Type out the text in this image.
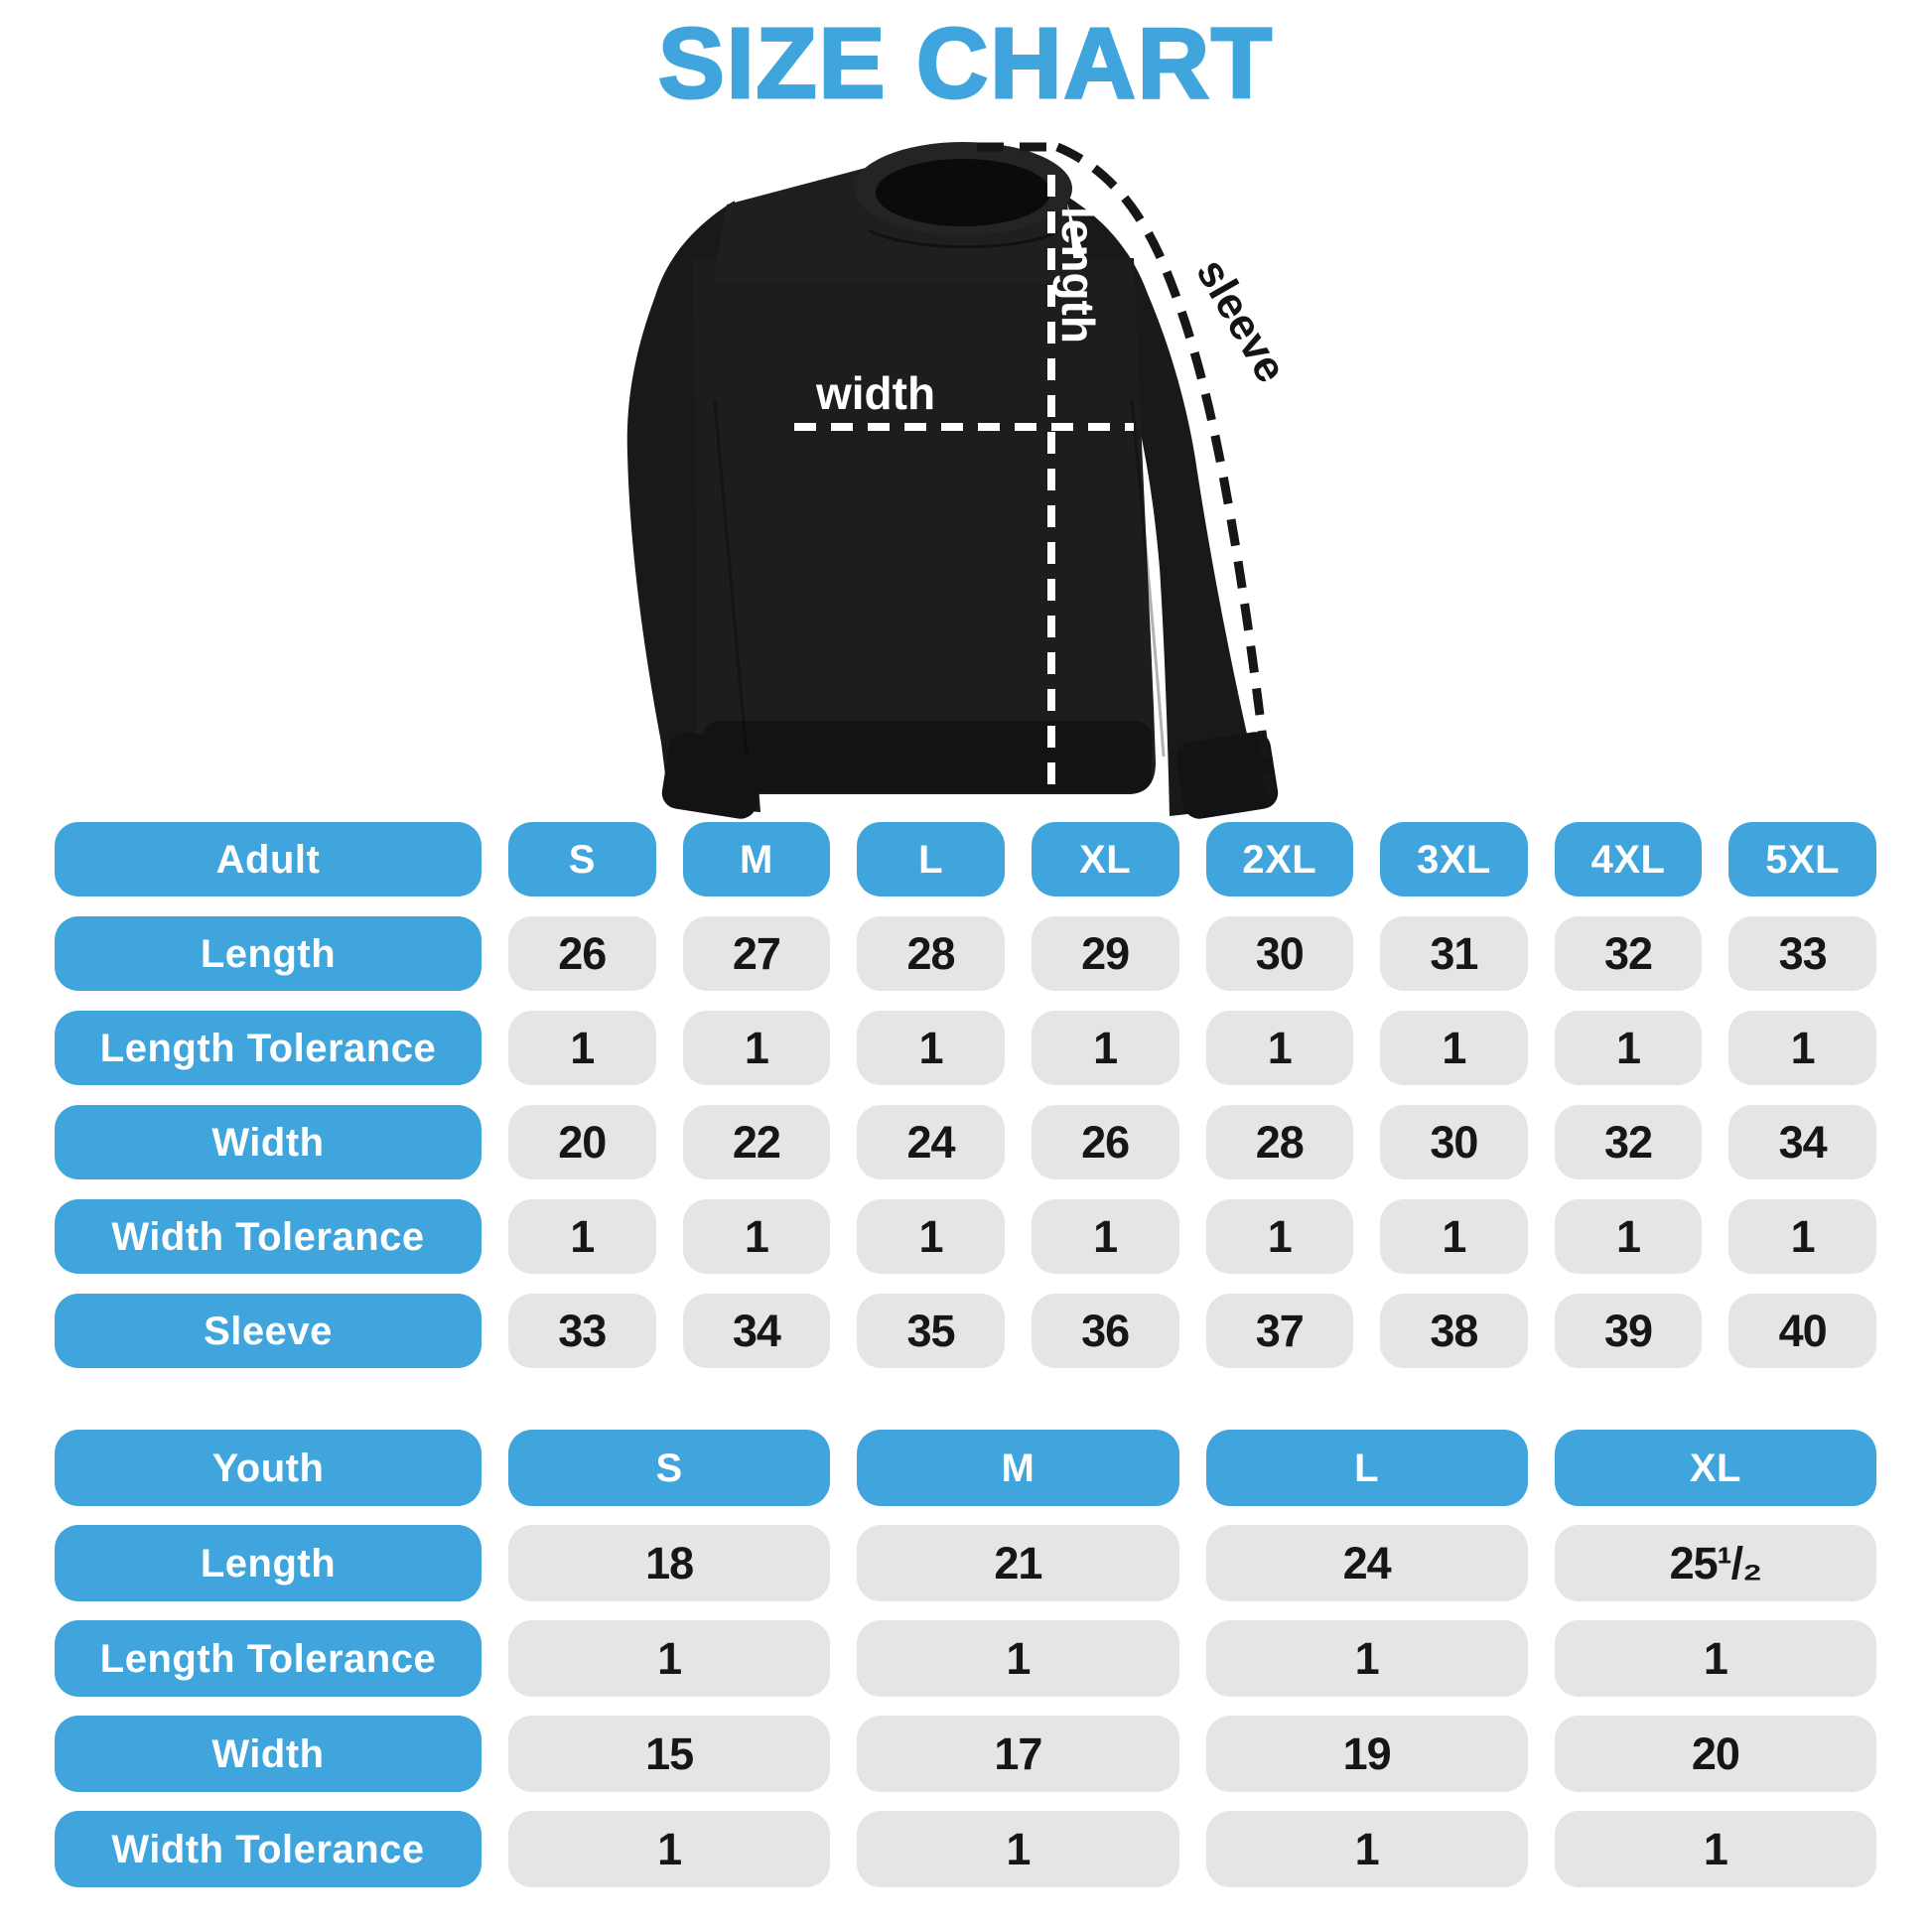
SIZE CHART
width
length sleeve
Adult	S	M	L	XL	2XL	3XL	4XL	5XL
Length	26	27	28	29	30	31	32	33
Length Tolerance	1	1	1	1	1	1	1	1
Width	20	22	24	26	28	30	32	34
Width Tolerance	1	1	1	1	1	1	1	1
Sleeve	33	34	35	36	37	38	39	40
Youth	S	M	L	XL
Length	18	21	24	25¹/₂
Length Tolerance	1	1	1	1
Width	15	17	19	20
Width Tolerance	1	1	1	1
